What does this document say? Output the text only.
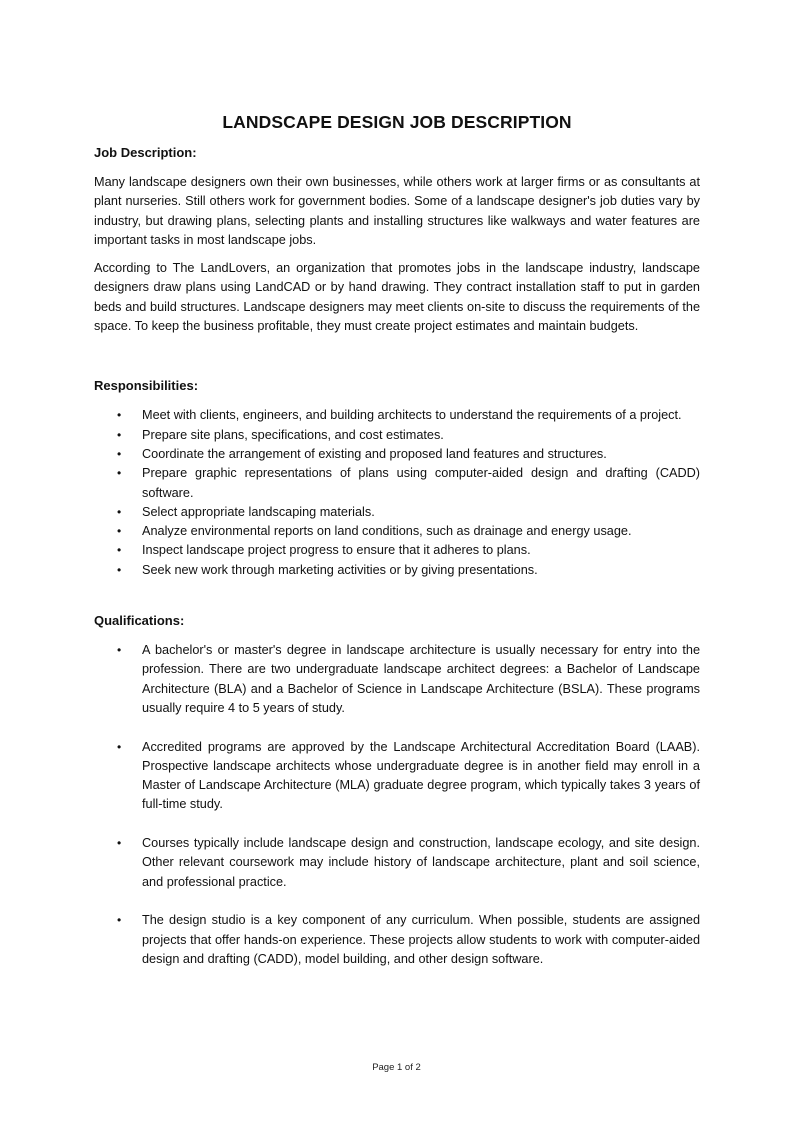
LANDSCAPE DESIGN JOB DESCRIPTION
Job Description:

Many landscape designers own their own businesses, while others work at larger firms or as consultants at plant nurseries. Still others work for government bodies. Some of a landscape designer's job duties vary by industry, but drawing plans, selecting plants and installing structures like walkways and water features are important tasks in most landscape jobs.

According to The LandLovers, an organization that promotes jobs in the landscape industry, landscape designers draw plans using LandCAD or by hand drawing. They contract installation staff to put in garden beds and build structures. Landscape designers may meet clients on-site to discuss the requirements of the space. To keep the business profitable, they must create project estimates and maintain budgets.

Responsibilities:
• Meet with clients, engineers, and building architects to understand the requirements of a project.
• Prepare site plans, specifications, and cost estimates.
• Coordinate the arrangement of existing and proposed land features and structures.
• Prepare graphic representations of plans using computer-aided design and drafting (CADD) software.
• Select appropriate landscaping materials.
• Analyze environmental reports on land conditions, such as drainage and energy usage.
• Inspect landscape project progress to ensure that it adheres to plans.
• Seek new work through marketing activities or by giving presentations.
Qualifications:
• A bachelor's or master's degree in landscape architecture is usually necessary for entry into the profession. There are two undergraduate landscape architect degrees: a Bachelor of Landscape Architecture (BLA) and a Bachelor of Science in Landscape Architecture (BSLA). These programs usually require 4 to 5 years of study.
• Accredited programs are approved by the Landscape Architectural Accreditation Board (LAAB). Prospective landscape architects whose undergraduate degree is in another field may enroll in a Master of Landscape Architecture (MLA) graduate degree program, which typically takes 3 years of full-time study.
• Courses typically include landscape design and construction, landscape ecology, and site design. Other relevant coursework may include history of landscape architecture, plant and soil science, and professional practice.
• The design studio is a key component of any curriculum. When possible, students are assigned projects that offer hands-on experience. These projects allow students to work with computer-aided design and drafting (CADD), model building, and other design software.
Page 1 of 2
